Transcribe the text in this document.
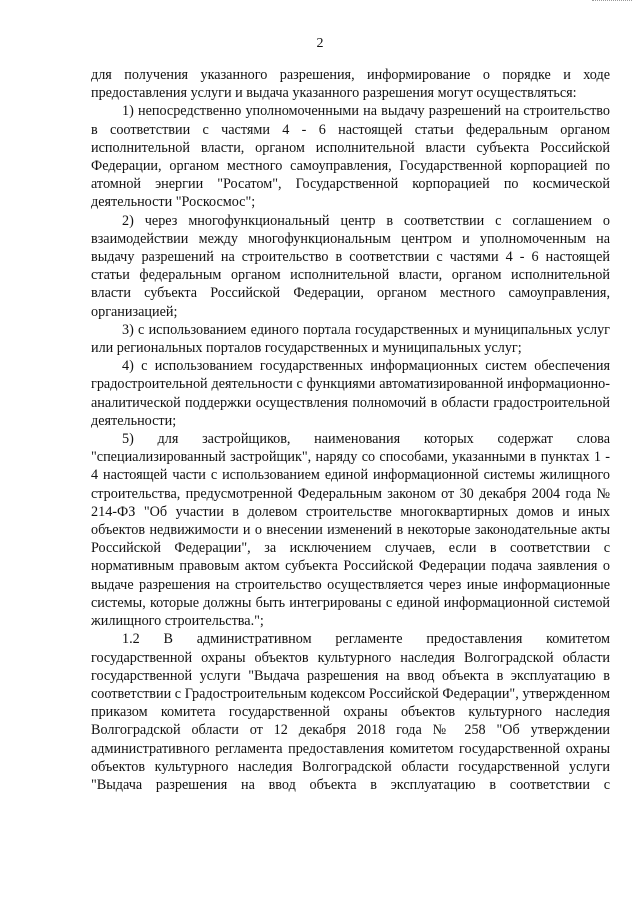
2

для получения указанного разрешения, информирование о порядке и ходе предоставления услуги и выдача указанного разрешения могут осуществляться:

1) непосредственно уполномоченными на выдачу разрешений на строительство в соответствии с частями 4 - 6 настоящей статьи федеральным органом исполнительной власти, органом исполнительной власти субъекта Российской Федерации, органом местного самоуправления, Государственной корпорацией по атомной энергии "Росатом", Государственной корпорацией по космической деятельности "Роскосмос";

2) через многофункциональный центр в соответствии с соглашением о взаимодействии между многофункциональным центром и уполномоченным на выдачу разрешений на строительство в соответствии с частями 4 - 6 настоящей статьи федеральным органом исполнительной власти, органом исполнительной власти субъекта Российской Федерации, органом местного самоуправления, организацией;

3) с использованием единого портала государственных и муниципальных услуг или региональных порталов государственных и муниципальных услуг;

4) с использованием государственных информационных систем обеспечения градостроительной деятельности с функциями автоматизированной информационно-аналитической поддержки осуществления полномочий в области градостроительной деятельности;

5) для застройщиков, наименования которых содержат слова "специализированный застройщик", наряду со способами, указанными в пунктах 1 - 4 настоящей части с использованием единой информационной системы жилищного строительства, предусмотренной Федеральным законом от 30 декабря 2004 года № 214-ФЗ "Об участии в долевом строительстве многоквартирных домов и иных объектов недвижимости и о внесении изменений в некоторые законодательные акты Российской Федерации", за исключением случаев, если в соответствии с нормативным правовым актом субъекта Российской Федерации подача заявления о выдаче разрешения на строительство осуществляется через иные информационные системы, которые должны быть интегрированы с единой информационной системой жилищного строительства.";

1.2 В административном регламенте предоставления комитетом государственной охраны объектов культурного наследия Волгоградской области государственной услуги "Выдача разрешения на ввод объекта в эксплуатацию в соответствии с Градостроительным кодексом Российской Федерации", утвержденном приказом комитета государственной охраны объектов культурного наследия Волгоградской области от 12 декабря 2018 года № 258 "Об утверждении административного регламента предоставления комитетом государственной охраны объектов культурного наследия Волгоградской области государственной услуги "Выдача разрешения на ввод объекта в эксплуатацию в соответствии с
